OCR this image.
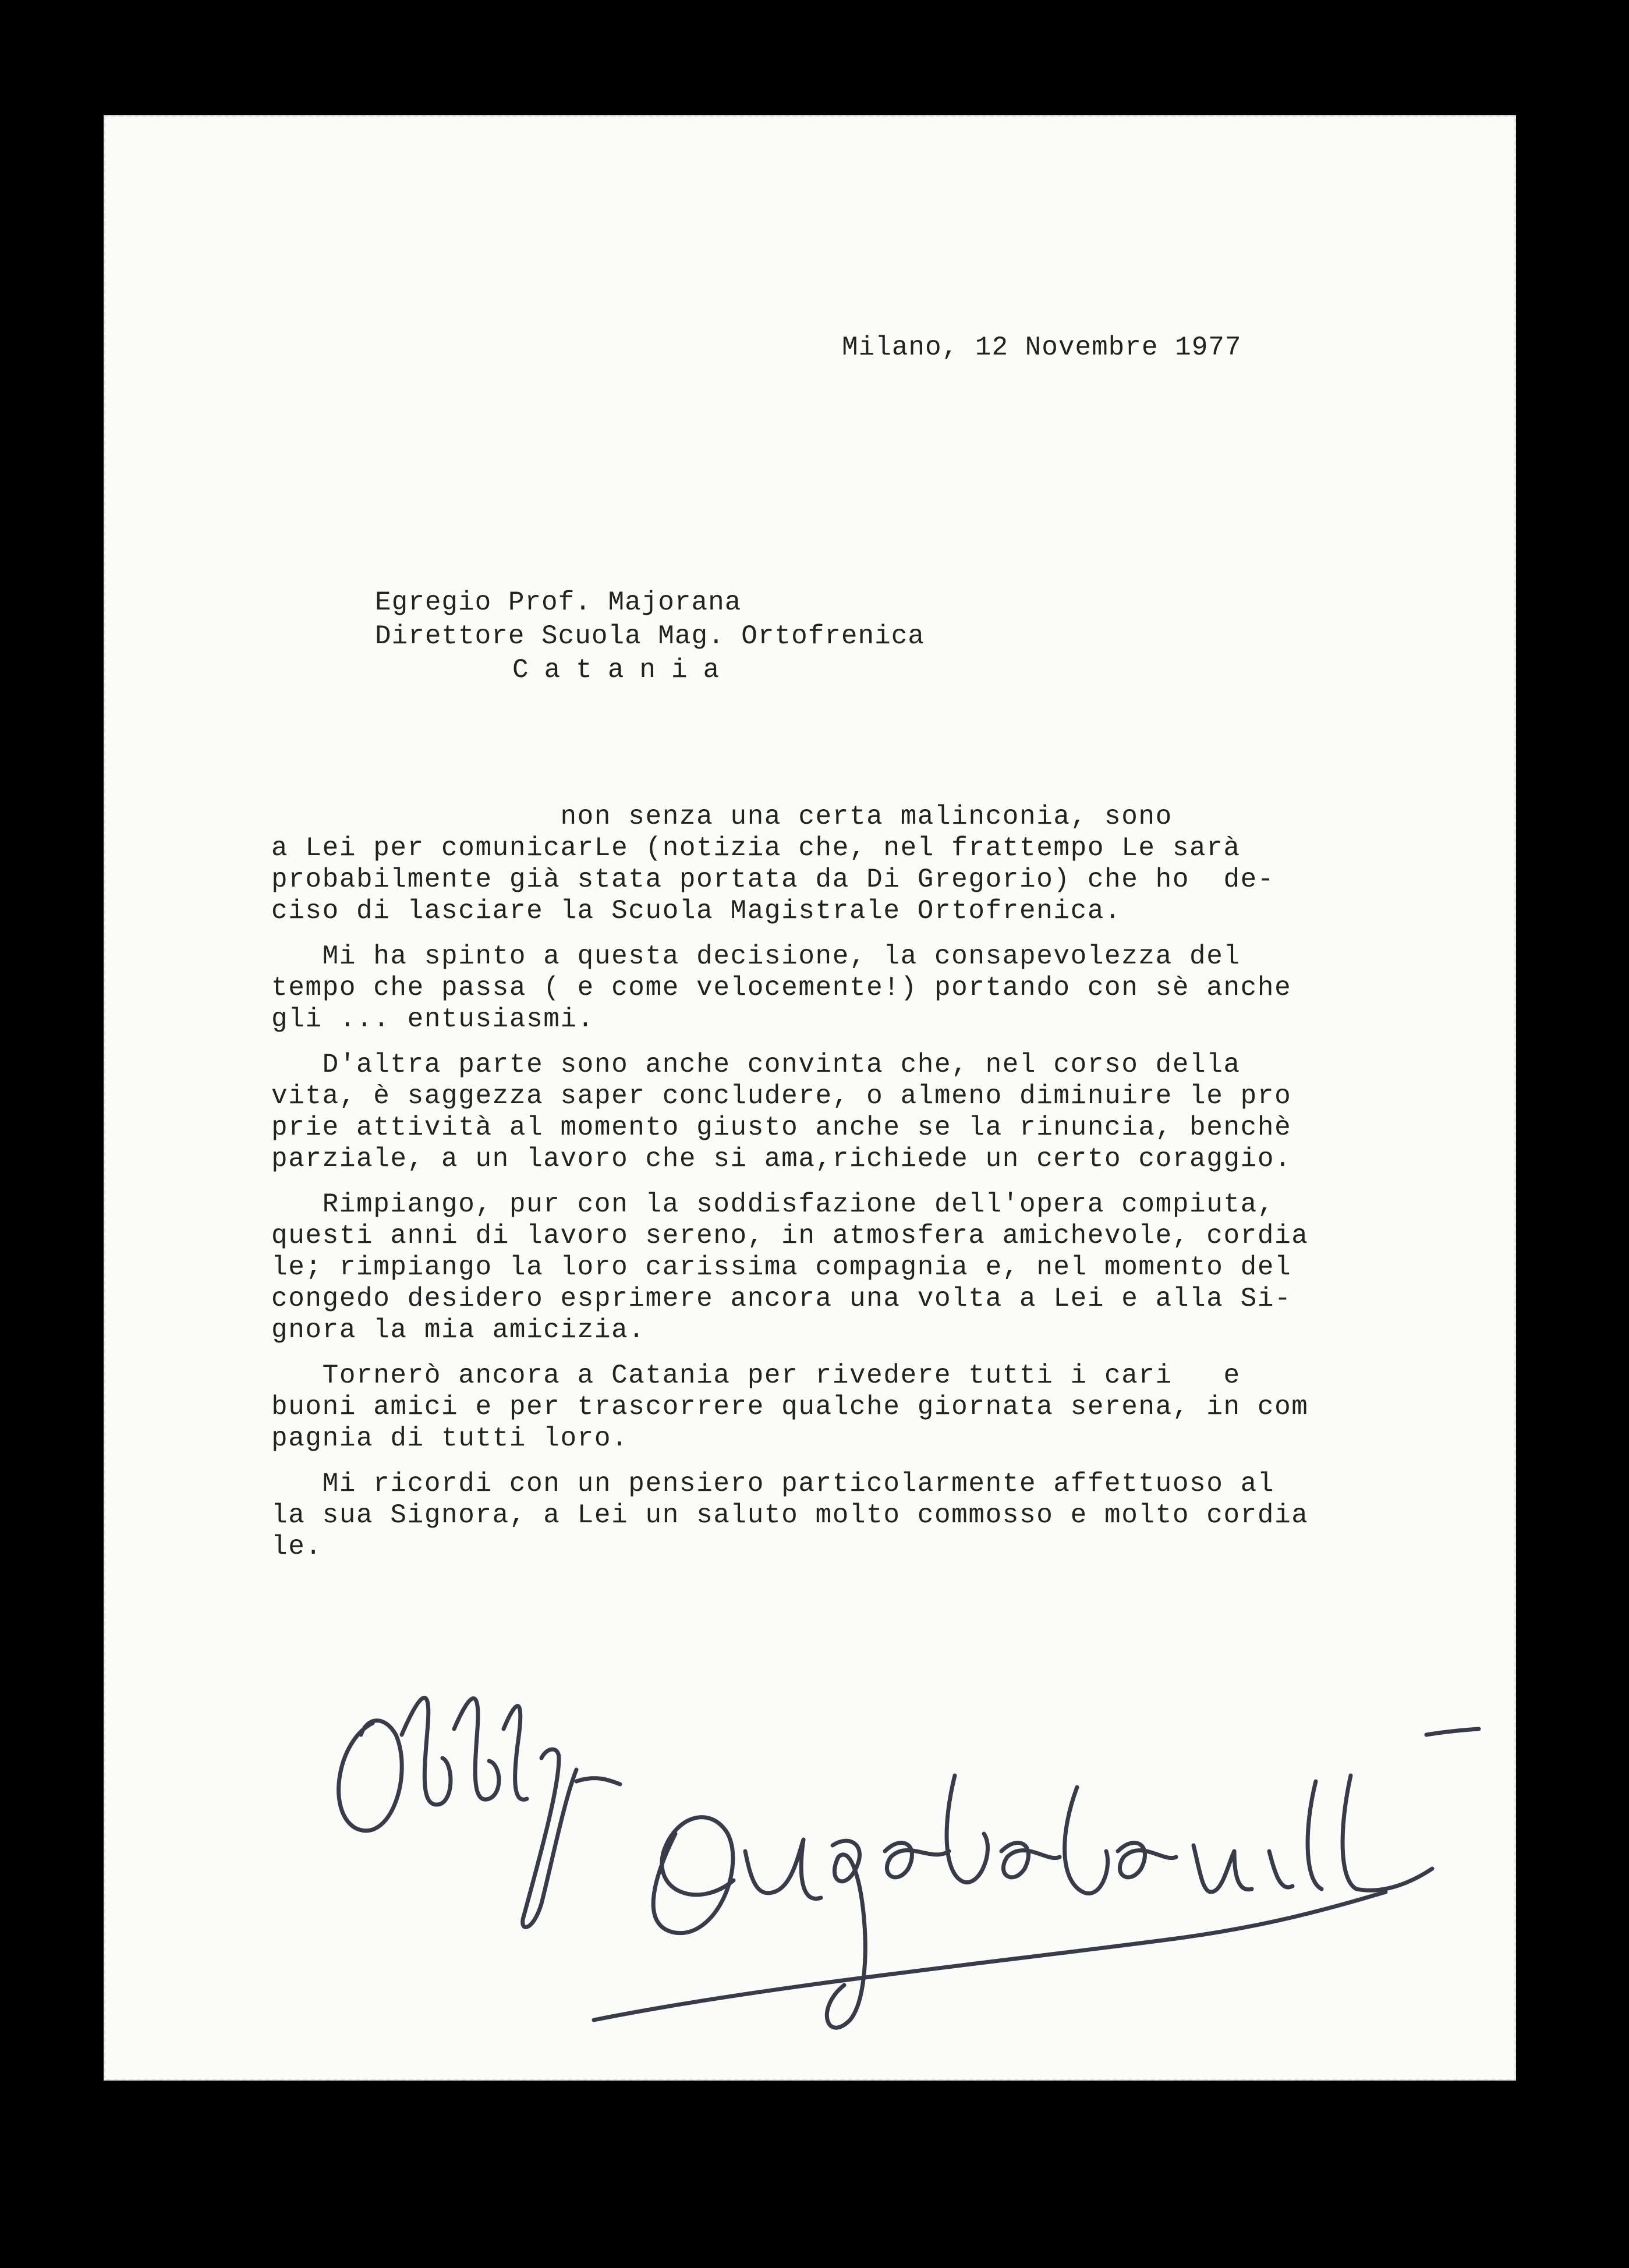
Milano, 12 Novembre 1977

Egregio Prof. Majorana
Direttore Scuola Mag. Ortofrenica
Catania

non senza una certa malinconia, sono

a Lei per comunicarLe (notizia che, nel frattempo Le sarà

probabilmente già stata portata da Di Gregorio) che ho  de-

ciso di lasciare la Scuola Magistrale Ortofrenica.

Mi ha spinto a questa decisione, la consapevolezza del

tempo che passa ( e come velocemente!) portando con sè anche

gli ... entusiasmi.

D'altra parte sono anche convinta che, nel corso della

vita, è saggezza saper concludere, o almeno diminuire le pro

prie attività al momento giusto anche se la rinuncia, benchè

parziale, a un lavoro che si ama,richiede un certo coraggio.

Rimpiango, pur con la soddisfazione dell'opera compiuta,

questi anni di lavoro sereno, in atmosfera amichevole, cordia

le; rimpiango la loro carissima compagnia e, nel momento del

congedo desidero esprimere ancora una volta a Lei e alla Si-

gnora la mia amicizia.

Tornerò ancora a Catania per rivedere tutti i cari   e

buoni amici e per trascorrere qualche giornata serena, in com

pagnia di tutti loro.

Mi ricordi con un pensiero particolarmente affettuoso al

la sua Signora, a Lei un saluto molto commosso e molto cordia

le.
